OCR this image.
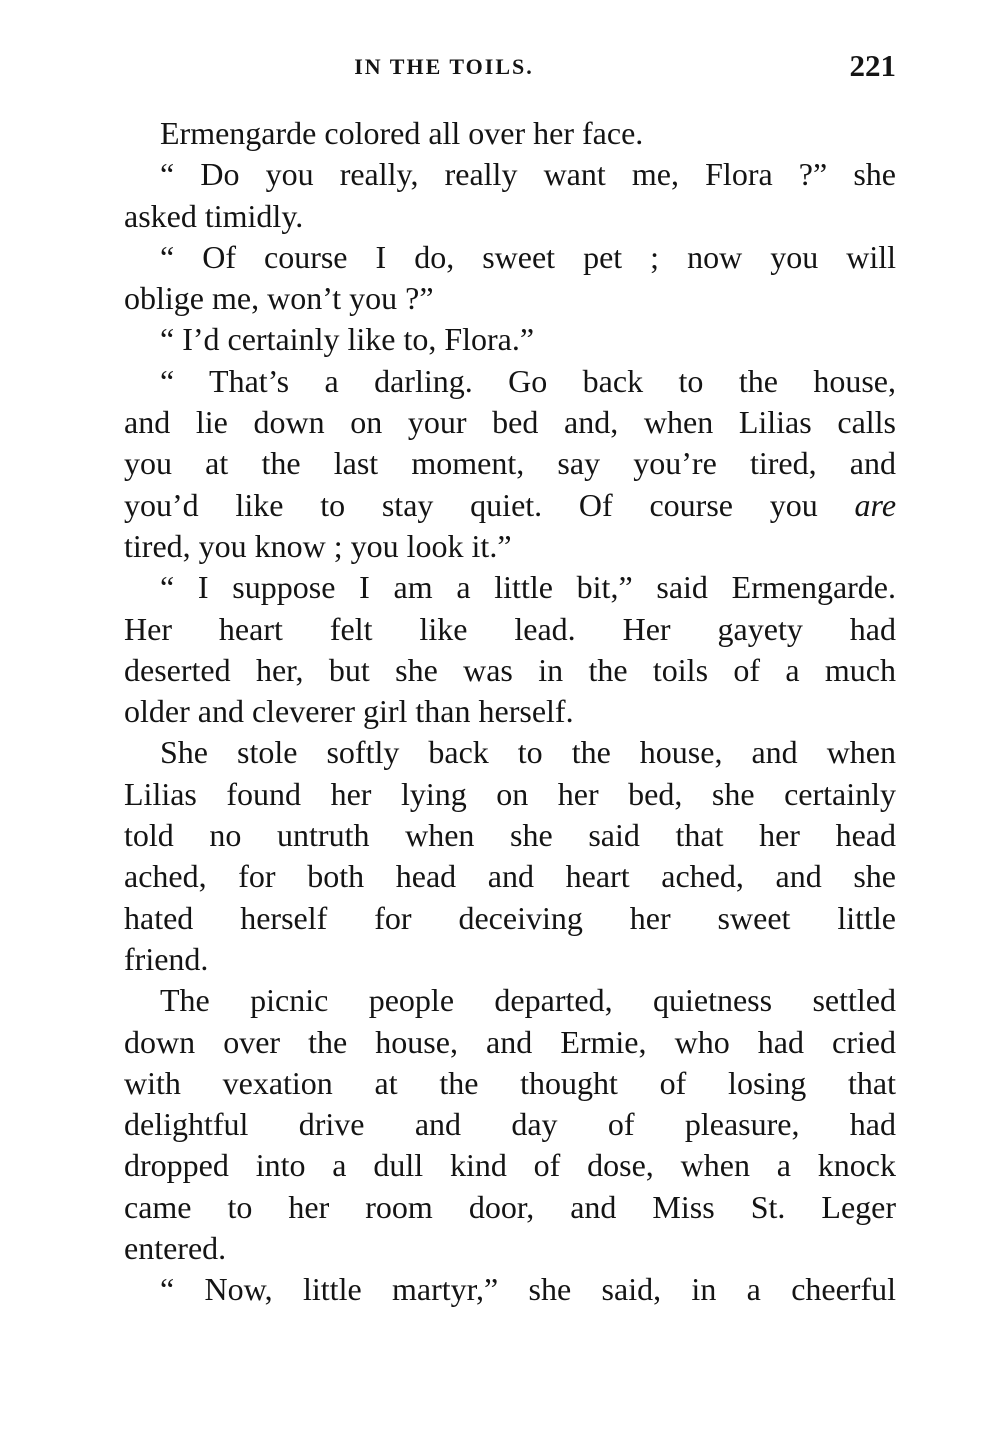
IN THE TOILS.	221
Ermengarde colored all over her face.
“ Do you really, really want me, Flora ?” she
asked timidly.
“ Of course I do, sweet pet ; now you will
oblige me, won’t you ?”
“ I’d certainly like to, Flora.”
“ That’s a darling. Go back to the house,
and lie down on your bed and, when Lilias calls
you at the last moment, say you’re tired, and
you’d like to stay quiet. Of course you are
tired, you know ; you look it.”
“ I suppose I am a little bit,” said Ermengarde.
Her heart felt like lead. Her gayety had
deserted her, but she was in the toils of a much
older and cleverer girl than herself.
She stole softly back to the house, and when
Lilias found her lying on her bed, she certainly
told no untruth when she said that her head
ached, for both head and heart ached, and she
hated herself for deceiving her sweet little
friend.
The picnic people departed, quietness settled
down over the house, and Ermie, who had cried
with vexation at the thought of losing that
delightful drive and day of pleasure, had
dropped into a dull kind of dose, when a knock
came to her room door, and Miss St. Leger
entered.
“ Now, little martyr,” she said, in a cheerful
